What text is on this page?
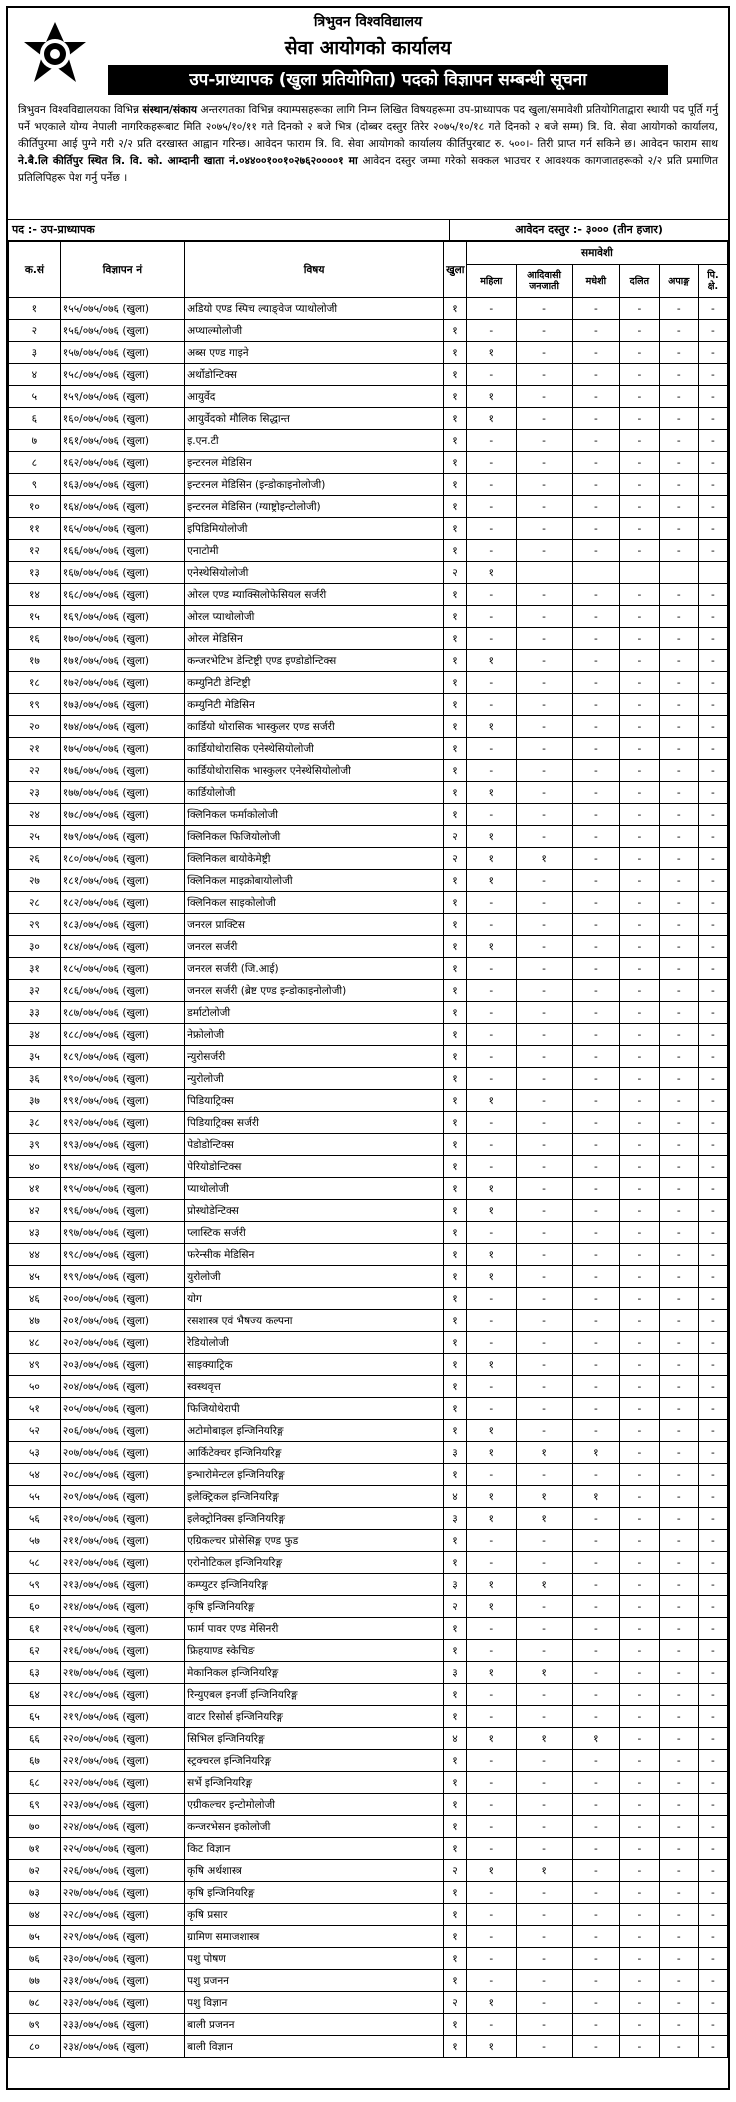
त्रिभुवन विश्वविद्यालय
सेवा आयोगको कार्यालय
उप-प्राध्यापक (खुला प्रतियोगिता) पदको विज्ञापन सम्बन्धी सूचना
त्रिभुवन विश्वविद्यालयका विभिन्न संस्थान/संकाय अन्तरगतका विभिन्न क्याम्पसहरूका लागि निम्न लिखित विषयहरूमा उप-प्राध्यापक पद खुला/समावेशी प्रतियोगिताद्वारा स्थायी पद पूर्ति गर्नु पर्ने भएकाले योग्य नेपाली नागरिकहरूबाट मिति २०७५/१०/११ गते दिनको २ बजे भित्र (दोब्बर दस्तुर तिरेर २०७५/१०/१८ गते दिनको २ बजे सम्म) त्रि. वि. सेवा आयोगको कार्यालय, कीर्तिपुरमा आई पुग्ने गरी २/२ प्रति दरखास्त आह्वान गरिन्छ। आवेदन फाराम त्रि. वि. सेवा आयोगको कार्यालय कीर्तिपुरबाट रु. ५००।- तिरी प्राप्त गर्न सकिने छ। आवेदन फाराम साथ ने.बै.लि कीर्तिपुर स्थित त्रि. वि. को. आम्दानी खाता नं.०४४००१००१०२७६२००००१ मा आवेदन दस्तुर जम्मा गरेको सक्कल भाउचर र आवश्यक कागजातहरूको २/२ प्रति प्रमाणित प्रतिलिपिहरू पेश गर्नु पर्नेछ ।
पद :- उप-प्राध्यापक	आवेदन दस्तुर :- ३००० (तीन हजार)
क.सं	विज्ञापन नं	विषय	खुला	समावेशी					
				महिला	आदिवासी जनजाती	मधेशी	दलित	अपाङ्ग	पि. क्षे.
१	१५५/०७५/०७६ (खुला)	अडियो एण्ड स्पिच ल्याङ्वेज प्याथोलोजी	१	-	-	-	-	-	-
२	१५६/०७५/०७६ (खुला)	अप्थाल्मोलोजी	१	-	-	-	-	-	-
३	१५७/०७५/०७६ (खुला)	अब्स एण्ड गाइने	१	१	-	-	-	-	-
४	१५८/०७५/०७६ (खुला)	अर्थोडोन्टिक्स	१	-	-	-	-	-	-
५	१५९/०७५/०७६ (खुला)	आयुर्वेद	१	१	-	-	-	-	-
६	१६०/०७५/०७६ (खुला)	आयुर्वेदको मौलिक सिद्धान्त	१	१	-	-	-	-	-
७	१६१/०७५/०७६ (खुला)	इ.एन.टी	१	-	-	-	-	-	-
८	१६२/०७५/०७६ (खुला)	इन्टरनल मेडिसिन	१	-	-	-	-	-	-
९	१६३/०७५/०७६ (खुला)	इन्टरनल मेडिसिन (इन्डोकाइनोलोजी)	१	-	-	-	-	-	-
१०	१६४/०७५/०७६ (खुला)	इन्टरनल मेडिसिन (ग्याष्ट्रोइन्टोलोजी)	१	-	-	-	-	-	-
११	१६५/०७५/०७६ (खुला)	इपिडिमियोलोजी	१	-	-	-	-	-	-
१२	१६६/०७५/०७६ (खुला)	एनाटोमी	१	-	-	-	-	-	-
१३	१६७/०७५/०७६ (खुला)	एनेस्थेसियोलोजी	२	१					
१४	१६८/०७५/०७६ (खुला)	ओरल एण्ड म्याक्सिलोफेसियल सर्जरी	१	-	-	-	-	-	-
१५	१६९/०७५/०७६ (खुला)	ओरल प्याथोलोजी	१	-	-	-	-	-	-
१६	१७०/०७५/०७६ (खुला)	ओरल मेडिसिन	१	-	-	-	-	-	-
१७	१७१/०७५/०७६ (खुला)	कन्जरभेटिभ डेन्टिष्ट्री एण्ड इण्डोडोन्टिक्स	१	१	-	-	-	-	-
१८	१७२/०७५/०७६ (खुला)	कम्युनिटी डेन्टिष्ट्री	१	-	-	-	-	-	-
१९	१७३/०७५/०७६ (खुला)	कम्युनिटी मेडिसिन	१	-	-	-	-	-	-
२०	१७४/०७५/०७६ (खुला)	कार्डियो थोरासिक भास्कुलर एण्ड सर्जरी	१	१	-	-	-	-	-
२१	१७५/०७५/०७६ (खुला)	कार्डियोथोरासिक एनेस्थेसियोलोजी	१	-	-	-	-	-	-
२२	१७६/०७५/०७६ (खुला)	कार्डियोथोरासिक भास्कुलर एनेस्थेसियोलोजी	१	-	-	-	-	-	-
२३	१७७/०७५/०७६ (खुला)	कार्डियोलोजी	१	१	-	-	-	-	-
२४	१७८/०७५/०७६ (खुला)	क्लिनिकल फर्माकोलोजी	१	-	-	-	-	-	-
२५	१७९/०७५/०७६ (खुला)	क्लिनिकल फिजियोलोजी	२	१	-	-	-	-	-
२६	१८०/०७५/०७६ (खुला)	क्लिनिकल बायोकेमेष्ट्री	२	१	१	-	-	-	-
२७	१८१/०७५/०७६ (खुला)	क्लिनिकल माइक्रोबायोलोजी	१	१	-	-	-	-	-
२८	१८२/०७५/०७६ (खुला)	क्लिनिकल साइकोलोजी	१	-	-	-	-	-	-
२९	१८३/०७५/०७६ (खुला)	जनरल प्राक्टिस	१	-	-	-	-	-	-
३०	१८४/०७५/०७६ (खुला)	जनरल सर्जरी	१	१	-	-	-	-	-
३१	१८५/०७५/०७६ (खुला)	जनरल सर्जरी (जि.आई)	१	-	-	-	-	-	-
३२	१८६/०७५/०७६ (खुला)	जनरल सर्जरी (ब्रेष्ट एण्ड इन्डोकाइनोलोजी)	१	-	-	-	-	-	-
३३	१८७/०७५/०७६ (खुला)	डर्माटोलोजी	१	-	-	-	-	-	-
३४	१८८/०७५/०७६ (खुला)	नेफ्रोलोजी	१	-	-	-	-	-	-
३५	१८९/०७५/०७६ (खुला)	न्युरोसर्जरी	१	-	-	-	-	-	-
३६	१९०/०७५/०७६ (खुला)	न्युरोलोजी	१	-	-	-	-	-	-
३७	१९१/०७५/०७६ (खुला)	पिडियाट्रिक्स	१	१	-	-	-	-	-
३८	१९२/०७५/०७६ (खुला)	पिडियाट्रिक्स सर्जरी	१	-	-	-	-	-	-
३९	१९३/०७५/०७६ (खुला)	पेडोडोन्टिक्स	१	-	-	-	-	-	-
४०	१९४/०७५/०७६ (खुला)	पेरियोडोन्टिक्स	१	-	-	-	-	-	-
४१	१९५/०७५/०७६ (खुला)	प्याथोलोजी	१	१	-	-	-	-	-
४२	१९६/०७५/०७६ (खुला)	प्रोस्थोडेन्टिक्स	१	१	-	-	-	-	-
४३	१९७/०७५/०७६ (खुला)	प्लास्टिक सर्जरी	१	-	-	-	-	-	-
४४	१९८/०७५/०७६ (खुला)	फरेन्सीक मेडिसिन	१	१	-	-	-	-	-
४५	१९९/०७५/०७६ (खुला)	युरोलोजी	१	१	-	-	-	-	-
४६	२००/०७५/०७६ (खुला)	योग	१	-	-	-	-	-	-
४७	२०१/०७५/०७६ (खुला)	रसशास्त्र एवं भैषज्य कल्पना	१	-	-	-	-	-	-
४८	२०२/०७५/०७६ (खुला)	रेडियोलोजी	१	-	-	-	-	-	-
४९	२०३/०७५/०७६ (खुला)	साइक्याट्रिक	१	१	-	-	-	-	-
५०	२०४/०७५/०७६ (खुला)	स्वस्थवृत्त	१	-	-	-	-	-	-
५१	२०५/०७५/०७६ (खुला)	फिजियोथेरापी	१	-	-	-	-	-	-
५२	२०६/०७५/०७६ (खुला)	अटोमोबाइल इन्जिनियरिङ्ग	१	१	-	-	-	-	-
५३	२०७/०७५/०७६ (खुला)	आर्किटेक्चर इन्जिनियरिङ्ग	३	१	१	१	-	-	-
५४	२०८/०७५/०७६ (खुला)	इन्भारोमेन्टल इन्जिनियरिङ्ग	१	-	-	-	-	-	-
५५	२०९/०७५/०७६ (खुला)	इलेक्ट्रिकल इन्जिनियरिङ्ग	४	१	१	१	-	-	-
५६	२१०/०७५/०७६ (खुला)	इलेक्ट्रोनिक्स इन्जिनियरिङ्ग	३	१	१	-	-	-	-
५७	२११/०७५/०७६ (खुला)	एग्रिकल्चर प्रोसेसिङ्ग एण्ड फुड	१	-	-	-	-	-	-
५८	२१२/०७५/०७६ (खुला)	एरोनोटिकल इन्जिनियरिङ्ग	१	-	-	-	-	-	-
५९	२१३/०७५/०७६ (खुला)	कम्प्युटर इन्जिनियरिङ्ग	३	१	१	-	-	-	-
६०	२१४/०७५/०७६ (खुला)	कृषि इन्जिनियरिङ्ग	२	१	-	-	-	-	-
६१	२१५/०७५/०७६ (खुला)	फार्म पावर एण्ड मेसिनरी	१	-	-	-	-	-	-
६२	२१६/०७५/०७६ (खुला)	फ्रिहयाण्ड स्केचिङ	१	-	-	-	-	-	-
६३	२१७/०७५/०७६ (खुला)	मेकानिकल इन्जिनियरिङ्ग	३	१	१	-	-	-	-
६४	२१८/०७५/०७६ (खुला)	रिन्युएबल इनर्जी इन्जिनियरिङ्ग	१	-	-	-	-	-	-
६५	२१९/०७५/०७६ (खुला)	वाटर रिसोर्स इन्जिनियरिङ्ग	१	-	-	-	-	-	-
६६	२२०/०७५/०७६ (खुला)	सिभिल इन्जिनियरिङ्ग	४	१	१	१	-	-	-
६७	२२१/०७५/०७६ (खुला)	स्ट्रक्चरल इन्जिनियरिङ्ग	१	-	-	-	-	-	-
६८	२२२/०७५/०७६ (खुला)	सर्भे इन्जिनियरिङ्ग	१	-	-	-	-	-	-
६९	२२३/०७५/०७६ (खुला)	एग्रीकल्चर इन्टोमोलोजी	१	-	-	-	-	-	-
७०	२२४/०७५/०७६ (खुला)	कन्जरभेसन इकोलोजी	१	-	-	-	-	-	-
७१	२२५/०७५/०७६ (खुला)	किट विज्ञान	१	-	-	-	-	-	-
७२	२२६/०७५/०७६ (खुला)	कृषि अर्थशास्त्र	२	१	१	-	-	-	-
७३	२२७/०७५/०७६ (खुला)	कृषि इन्जिनियरिङ्ग	१	-	-	-	-	-	-
७४	२२८/०७५/०७६ (खुला)	कृषि प्रसार	१	-	-	-	-	-	-
७५	२२९/०७५/०७६ (खुला)	ग्रामिण समाजशास्त्र	१	-	-	-	-	-	-
७६	२३०/०७५/०७६ (खुला)	पशु पोषण	१	-	-	-	-	-	-
७७	२३१/०७५/०७६ (खुला)	पशु प्रजनन	१	-	-	-	-	-	-
७८	२३२/०७५/०७६ (खुला)	पशु विज्ञान	२	१	-	-	-	-	-
७९	२३३/०७५/०७६ (खुला)	बाली प्रजनन	१	-	-	-	-	-	-
८०	२३४/०७५/०७६ (खुला)	बाली विज्ञान	१	१	-	-	-	-	-
